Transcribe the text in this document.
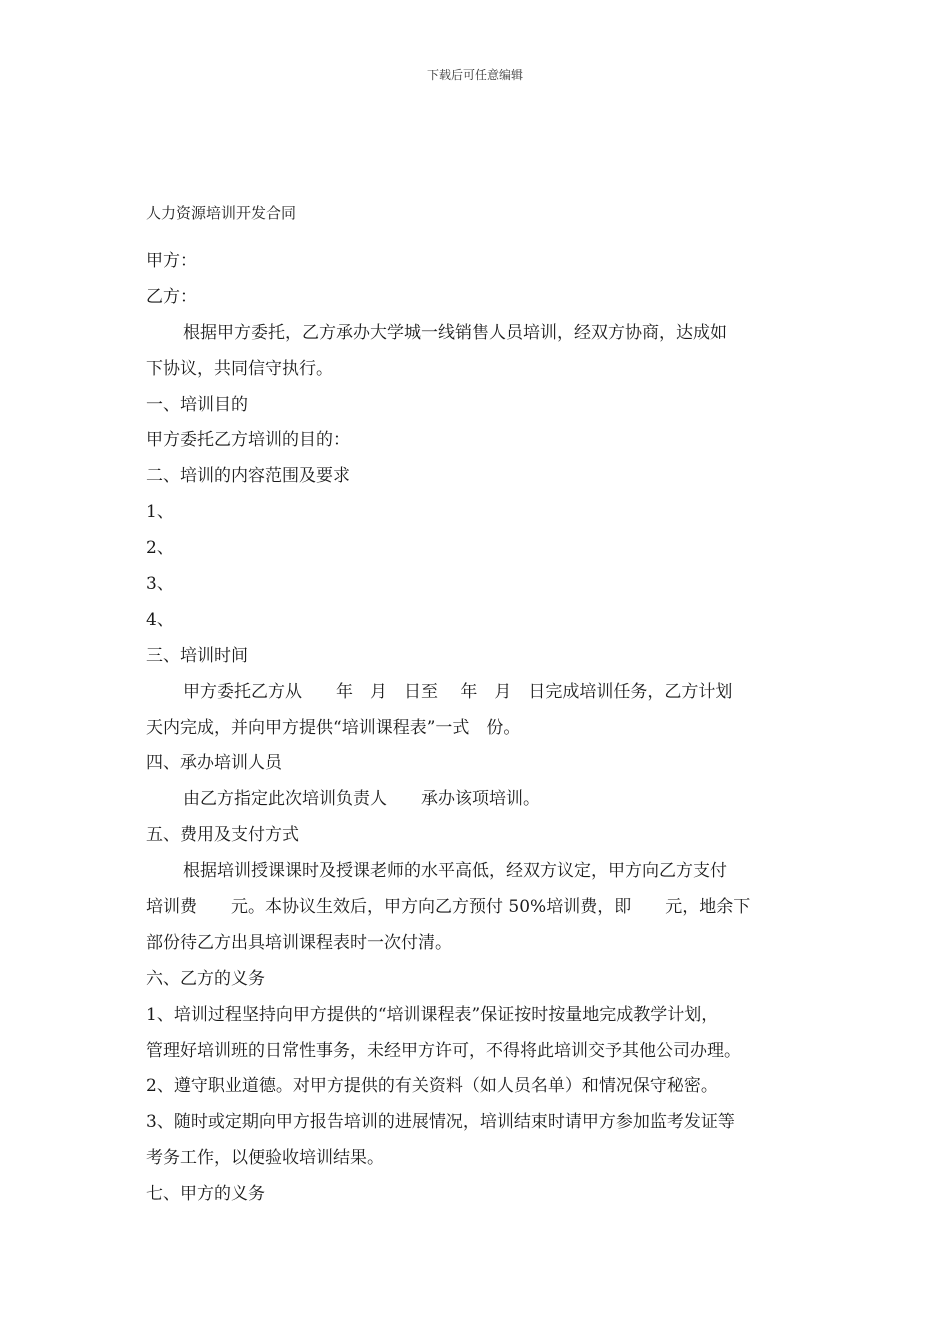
下载后可任意编辑
人力资源培训开发合同
甲方：
乙方：
根据甲方委托，乙方承办大学城一线销售人员培训，经双方协商，达成如
下协议，共同信守执行。
一、培训目的
甲方委托乙方培训的目的：
二、培训的内容范围及要求
1、
2、
3、
4、
三、培训时间
甲方委托乙方从　　年　月　日至　 年　月　日完成培训任务，乙方计划
天内完成，并向甲方提供“培训课程表”一式　份。
四、承办培训人员
由乙方指定此次培训负责人　　承办该项培训。
五、费用及支付方式
根据培训授课课时及授课老师的水平高低，经双方议定，甲方向乙方支付
培训费　　元。本协议生效后，甲方向乙方预付 50%培训费，即　　元，地余下
部份待乙方出具培训课程表时一次付清。
六、乙方的义务
1、培训过程坚持向甲方提供的“培训课程表”保证按时按量地完成教学计划，
管理好培训班的日常性事务，未经甲方许可，不得将此培训交予其他公司办理。
2、遵守职业道德。对甲方提供的有关资料（如人员名单）和情况保守秘密。
3、随时或定期向甲方报告培训的进展情况，培训结束时请甲方参加监考发证等
考务工作，以便验收培训结果。
七、甲方的义务
